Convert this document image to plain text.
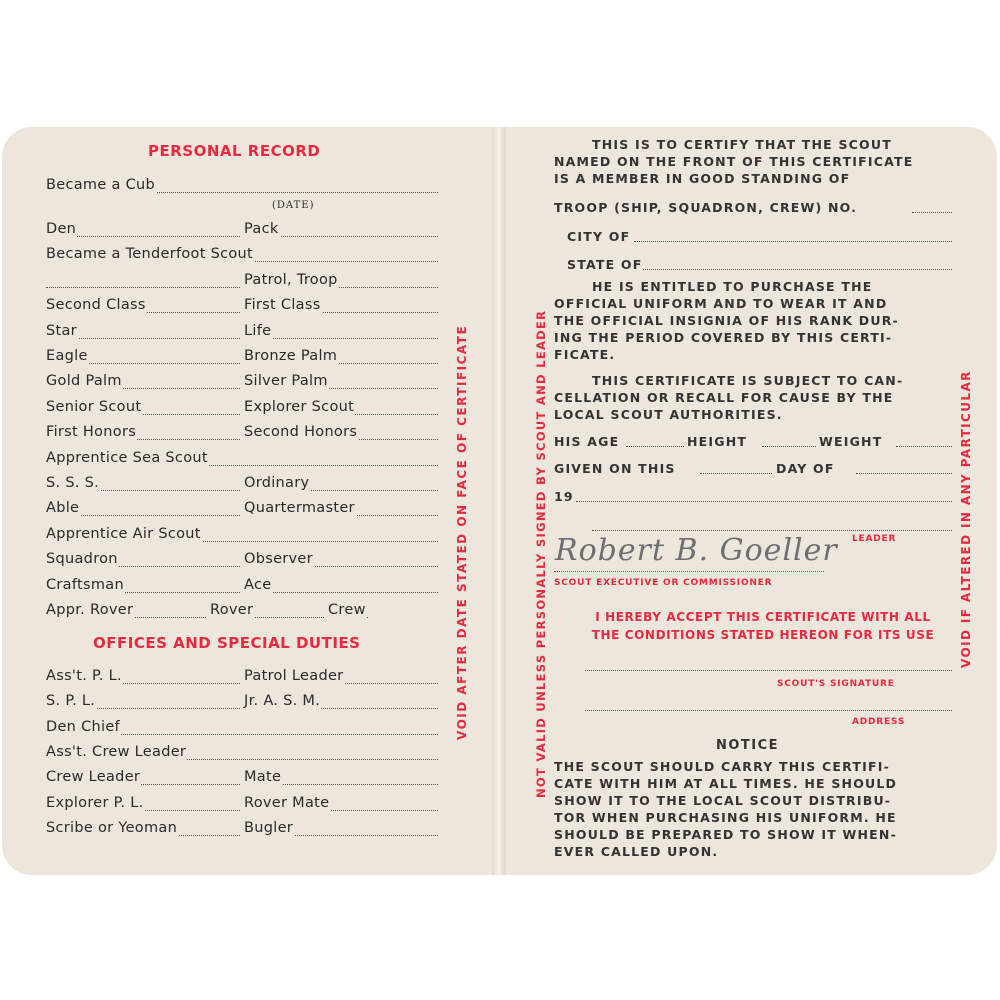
PERSONAL RECORD
Became a Cub
Den	Pack
Became a Tenderfoot Scout
Patrol, Troop
Second Class	First Class
Star	Life
Eagle	Bronze Palm
Gold Palm	Silver Palm
Senior Scout	Explorer Scout
First Honors	Second Honors
Apprentice Sea Scout
S. S. S.	Ordinary
Able	Quartermaster
Apprentice Air Scout
Squadron	Observer
Craftsman	Ace
Appr. Rover	Rover	Crew
(DATE)
OFFICES AND SPECIAL DUTIES
Ass't. P. L.	Patrol Leader
S. P. L.	Jr. A. S. M.
Den Chief
Ass't. Crew Leader
Crew Leader	Mate
Explorer P. L.	Rover Mate
Scribe or Yeoman	Bugler
VOID AFTER DATE STATED ON FACE OF CERTIFICATE	NOT VALID UNLESS PERSONALLY SIGNED BY SCOUT AND LEADER	VOID IF ALTERED IN ANY PARTICULAR
THIS IS TO CERTIFY THAT THE SCOUT
NAMED ON THE FRONT OF THIS CERTIFICATE
IS A MEMBER IN GOOD STANDING OF
TROOP (SHIP, SQUADRON, CREW) NO.
CITY OF
STATE OF
HE IS ENTITLED TO PURCHASE THE
OFFICIAL UNIFORM AND TO WEAR IT AND
THE OFFICIAL INSIGNIA OF HIS RANK DUR-
ING THE PERIOD COVERED BY THIS CERTI-
FICATE.
THIS CERTIFICATE IS SUBJECT TO CAN-
CELLATION OR RECALL FOR CAUSE BY THE
LOCAL SCOUT AUTHORITIES.
HIS AGE	HEIGHT	WEIGHT
GIVEN ON THIS	DAY OF
19
LEADER
Robert B. Goeller
SCOUT EXECUTIVE OR COMMISSIONER
I HEREBY ACCEPT THIS CERTIFICATE WITH ALL
THE CONDITIONS STATED HEREON FOR ITS USE
SCOUT'S SIGNATURE
ADDRESS
NOTICE
THE SCOUT SHOULD CARRY THIS CERTIFI-
CATE WITH HIM AT ALL TIMES. HE SHOULD
SHOW IT TO THE LOCAL SCOUT DISTRIBU-
TOR WHEN PURCHASING HIS UNIFORM. HE
SHOULD BE PREPARED TO SHOW IT WHEN-
EVER CALLED UPON.
